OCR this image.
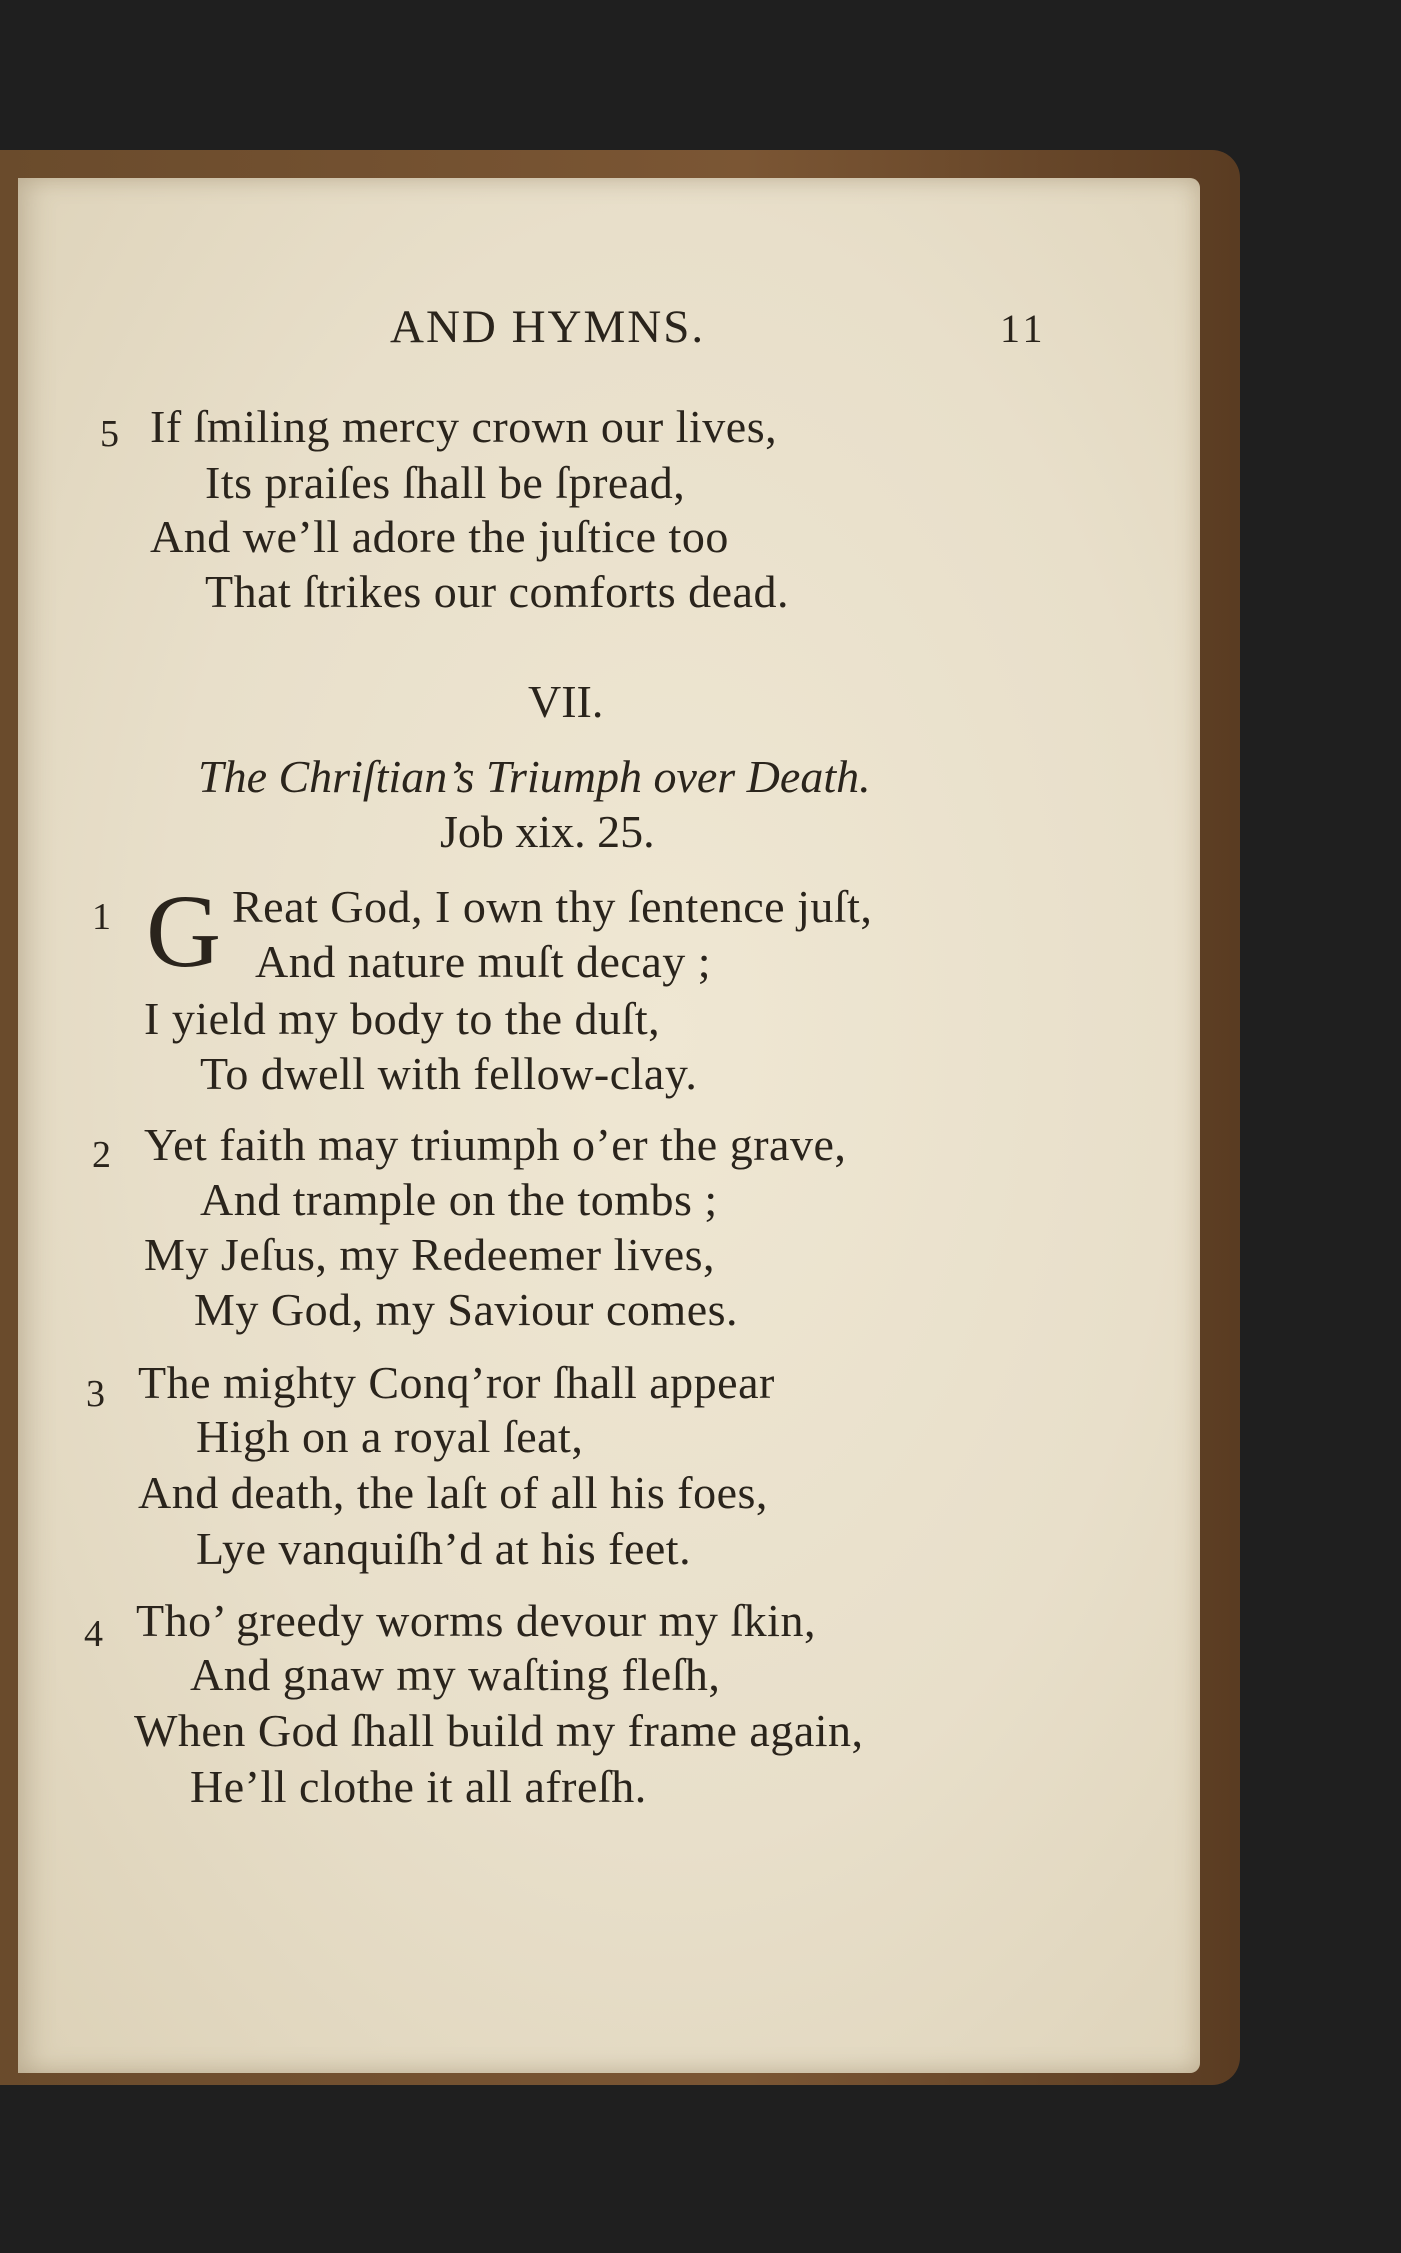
AND HYMNS.	11
5 If ſmiling mercy crown our lives,
Its praiſes ſhall be ſpread,
And we’ll adore the juſtice too
That ſtrikes our comforts dead.
VII.
The Chriſtian’s Triumph over Death.
Job xix. 25.
1 G Reat God, I own thy ſentence juſt,
And nature muſt decay ;
I yield my body to the duſt,
To dwell with fellow-clay.
2 Yet faith may triumph o’er the grave,
And trample on the tombs ;
My Jeſus, my Redeemer lives,
My God, my Saviour comes.
3 The mighty Conq’ror ſhall appear
High on a royal ſeat,
And death, the laſt of all his foes,
Lye vanquiſh’d at his feet.
4 Tho’ greedy worms devour my ſkin,
And gnaw my waſting fleſh,
When God ſhall build my frame again,
He’ll clothe it all afreſh.
